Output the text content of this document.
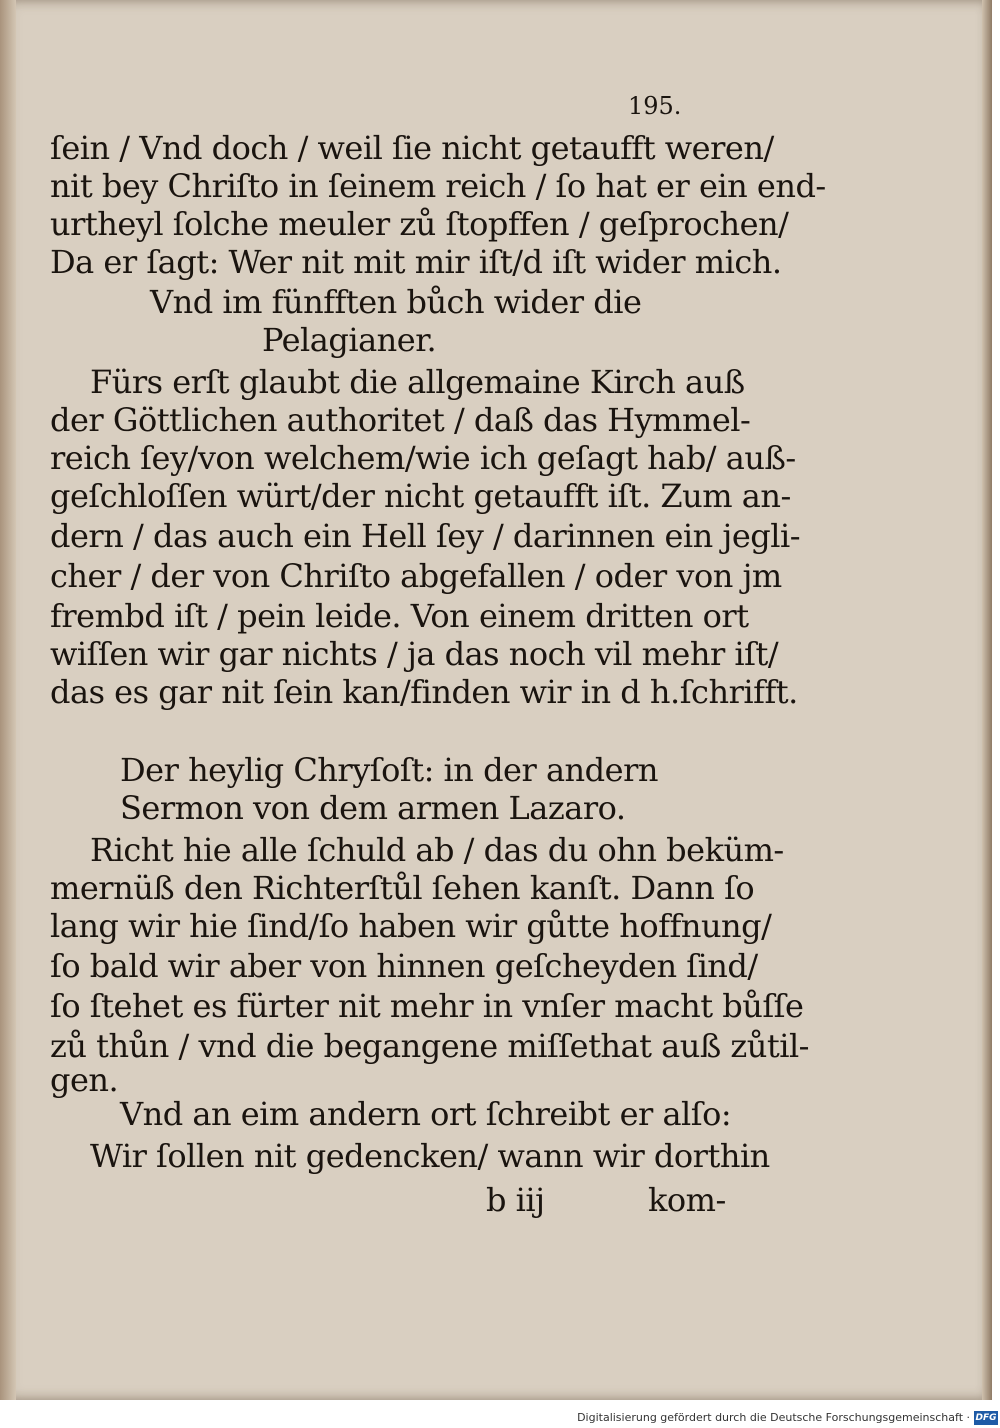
195.
ſein / Vnd doch / weil ſie nicht getaufft weren/
nit bey Chriſto in ſeinem reich / ſo hat er ein end-
urtheyl ſolche meuler zů ſtopffen / geſprochen/
Da er ſagt: Wer nit mit mir iſt/d iſt wider mich.
Vnd im fünfften bůch wider die
Pelagianer.
Fürs erſt glaubt die allgemaine Kirch auß
der Göttlichen authoritet / daß das Hymmel-
reich ſey/von welchem/wie ich geſagt hab/ auß-
geſchloſſen würt/der nicht getaufft iſt. Zum an-
dern / das auch ein Hell ſey / darinnen ein jegli-
cher / der von Chriſto abgefallen / oder von jm
frembd iſt / pein leide. Von einem dritten ort
wiſſen wir gar nichts / ja das noch vil mehr iſt/
das es gar nit ſein kan/finden wir in d h.ſchrifft.
Der heylig Chryſoſt: in der andern
Sermon von dem armen Lazaro.
Richt hie alle ſchuld ab / das du ohn beküm-
mernüß den Richterſtůl ſehen kanſt. Dann ſo
lang wir hie ſind/ſo haben wir gůtte hoffnung/
ſo bald wir aber von hinnen geſcheyden ſind/
ſo ſtehet es fürter nit mehr in vnſer macht bůſſe
zů thůn / vnd die begangene miſſethat auß zůtil-
gen.
Vnd an eim andern ort ſchreibt er alſo:
Wir ſollen nit gedencken/ wann wir dorthin
b iij	kom-
Digitalisierung gefördert durch die Deutsche Forschungsgemeinschaft · DFG
